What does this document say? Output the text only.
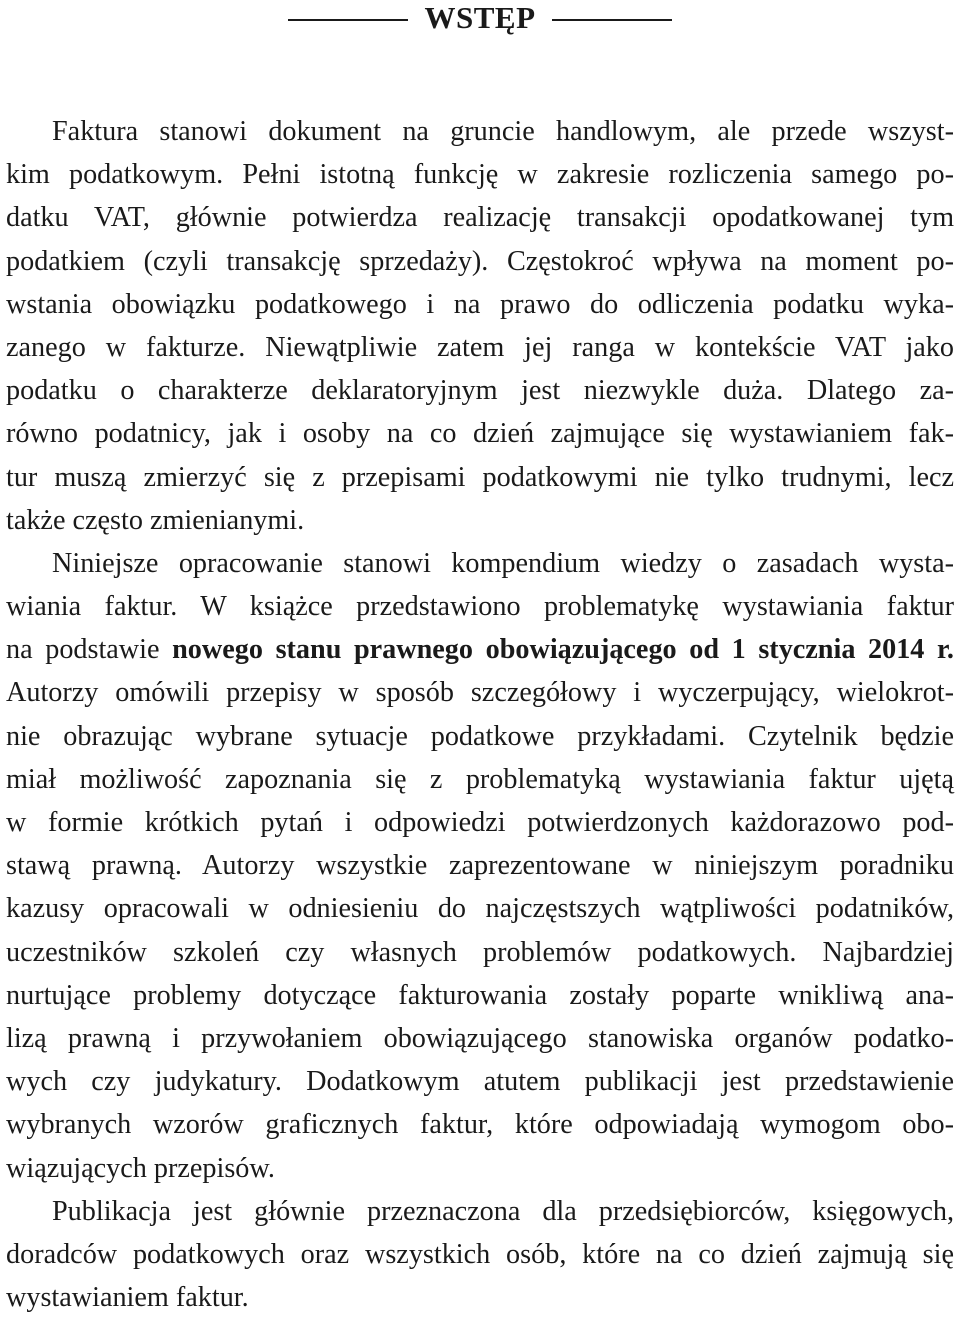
WSTĘP
Faktura stanowi dokument na gruncie handlowym, ale przede wszyst-
kim podatkowym. Pełni istotną funkcję w zakresie rozliczenia samego po-
datku VAT, głównie potwierdza realizację transakcji opodatkowanej tym
podatkiem (czyli transakcję sprzedaży). Częstokroć wpływa na moment po-
wstania obowiązku podatkowego i na prawo do odliczenia podatku wyka-
zanego w fakturze. Niewątpliwie zatem jej ranga w kontekście VAT jako
podatku o charakterze deklaratoryjnym jest niezwykle duża. Dlatego za-
równo podatnicy, jak i osoby na co dzień zajmujące się wystawianiem fak-
tur muszą zmierzyć się z przepisami podatkowymi nie tylko trudnymi, lecz
także często zmienianymi.
Niniejsze opracowanie stanowi kompendium wiedzy o zasadach wysta-
wiania faktur. W książce przedstawiono problematykę wystawiania faktur
na podstawie nowego stanu prawnego obowiązującego od 1 stycznia 2014 r.
Autorzy omówili przepisy w sposób szczegółowy i wyczerpujący, wielokrot-
nie obrazując wybrane sytuacje podatkowe przykładami. Czytelnik będzie
miał możliwość zapoznania się z problematyką wystawiania faktur ujętą
w formie krótkich pytań i odpowiedzi potwierdzonych każdorazowo pod-
stawą prawną. Autorzy wszystkie zaprezentowane w niniejszym poradniku
kazusy opracowali w odniesieniu do najczęstszych wątpliwości podatników,
uczestników szkoleń czy własnych problemów podatkowych. Najbardziej
nurtujące problemy dotyczące fakturowania zostały poparte wnikliwą ana-
lizą prawną i przywołaniem obowiązującego stanowiska organów podatko-
wych czy judykatury. Dodatkowym atutem publikacji jest przedstawienie
wybranych wzorów graficznych faktur, które odpowiadają wymogom obo-
wiązujących przepisów.
Publikacja jest głównie przeznaczona dla przedsiębiorców, księgowych,
doradców podatkowych oraz wszystkich osób, które na co dzień zajmują się
wystawianiem faktur.
